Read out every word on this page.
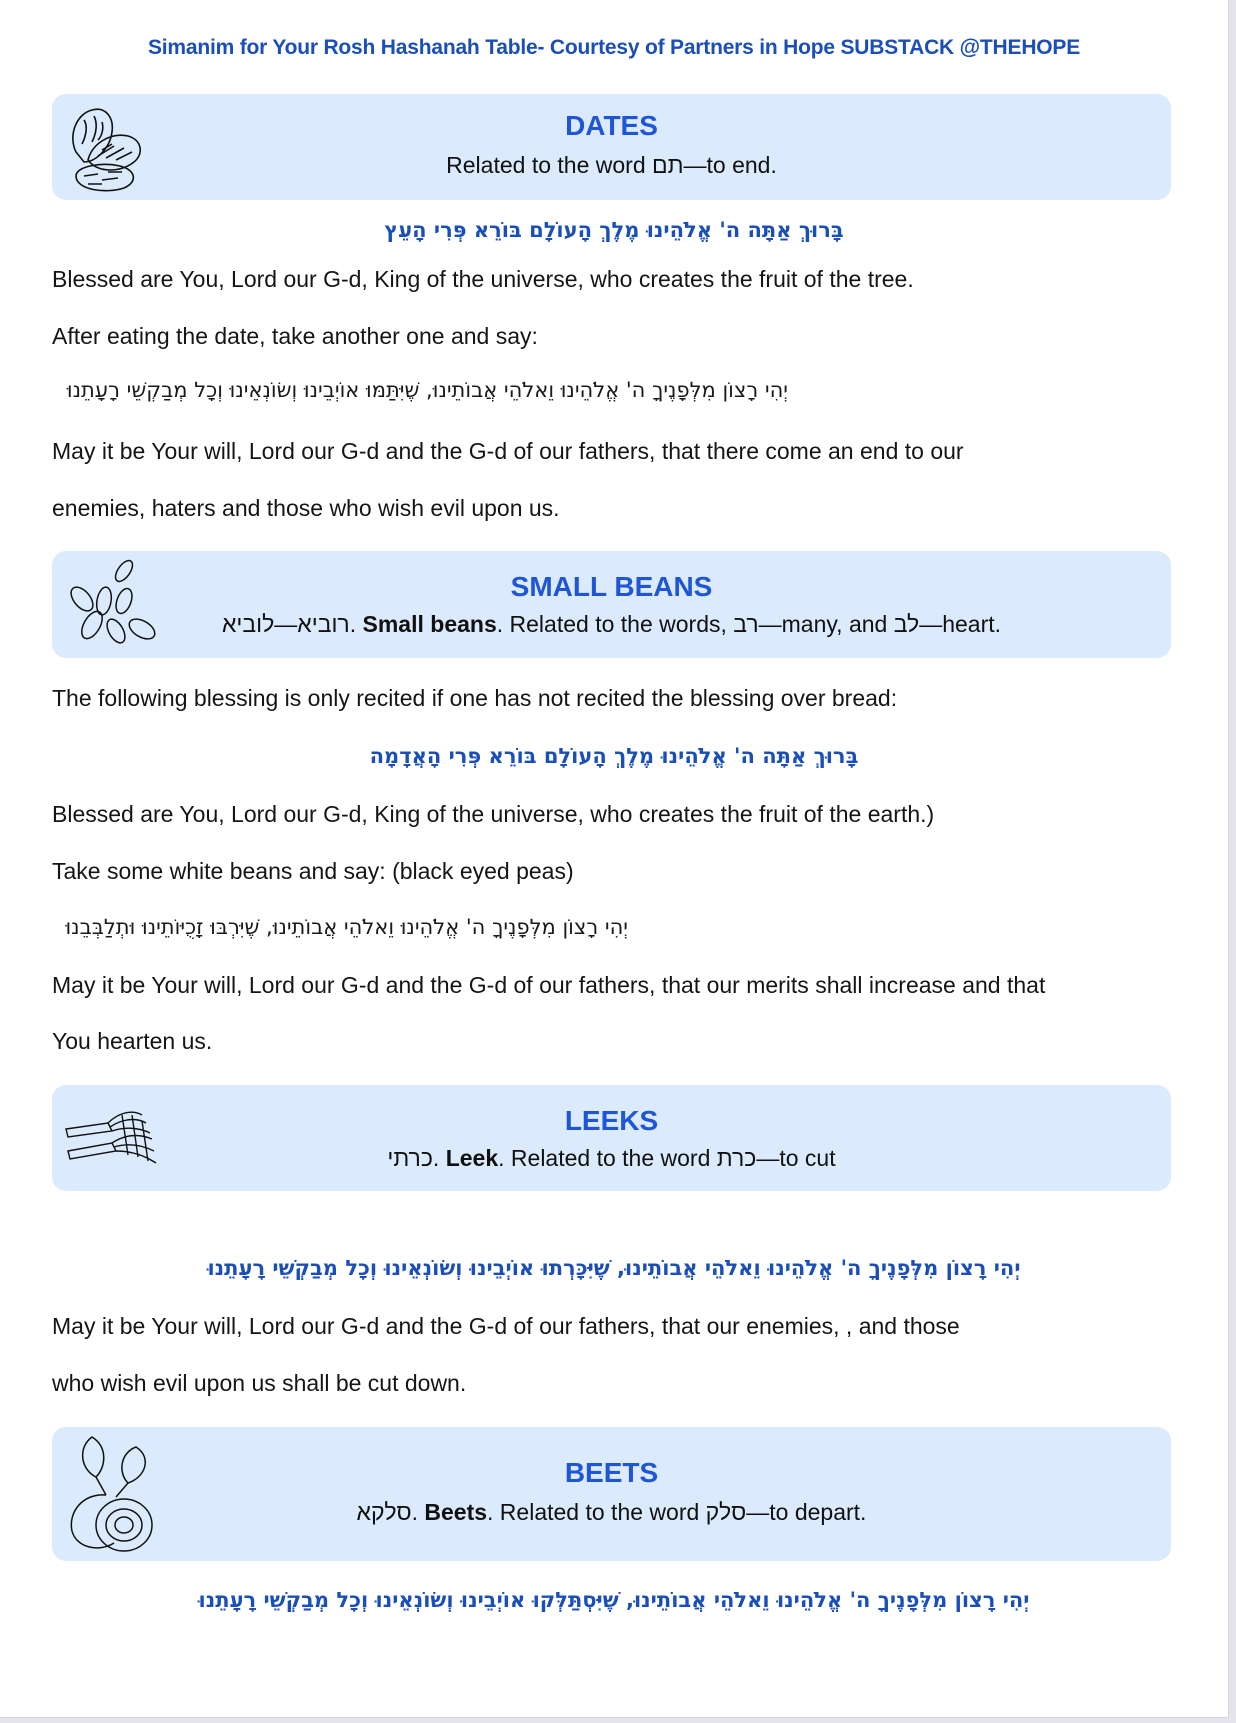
Simanim for Your Rosh Hashanah Table- Courtesy of Partners in Hope SUBSTACK @THEHOPE
DATES
Related to the word תם—to end.
בָּרוּךְ אַתָּה ה' אֱלֹהֵינוּ מֶלֶךְ הָעוֹלָם בּוֹרֵא פְּרִי הָעֵץ
Blessed are You, Lord our G-d, King of the universe, who creates the fruit of the tree.
After eating the date, take another one and say:
יְהִי רָצוֹן מִלְּפָנֶיךָ ה' אֱלֹהֵינוּ וֵאלֹהֵי אֲבוֹתֵינוּ, שֶׁיִּתַּמּוּ אוֹיְבֵינוּ וְשׂוֹנְאֵינוּ וְכָל מְבַקְשֵׁי רָעָתֵנוּ
May it be Your will, Lord our G-d and the G-d of our fathers, that there come an end to our
enemies, haters and those who wish evil upon us.
SMALL BEANS
רוביא—לוביא. Small beans. Related to the words, רב—many, and לב—heart.
The following blessing is only recited if one has not recited the blessing over bread:
בָּרוּךְ אַתָּה ה' אֱלֹהֵינוּ מֶלֶךְ הָעוֹלָם בּוֹרֵא פְּרִי הָאֲדָמָה
Blessed are You, Lord our G-d, King of the universe, who creates the fruit of the earth.)
Take some white beans and say: (black eyed peas)
יְהִי רָצוֹן מִלְּפָנֶיךָ ה' אֱלֹהֵינוּ וֵאלֹהֵי אֲבוֹתֵינוּ, שֶׁיִּרְבּוּ זָכֻיּוֹתֵינוּ וּתְלַבְּבֵנוּ
May it be Your will, Lord our G-d and the G-d of our fathers, that our merits shall increase and that
You hearten us.
LEEKS
כרתי. Leek. Related to the word כרת—to cut
יְהִי רָצוֹן מִלְּפָנֶיךָ ה' אֱלֹהֵינוּ וֵאלֹהֵי אֲבוֹתֵינוּ, שֶׁיִּכָּרְתוּ אוֹיְבֵינוּ וְשׂוֹנְאֵינוּ וְכָל מְבַקְשֵׁי רָעָתֵנוּ
May it be Your will, Lord our G-d and the G-d of our fathers, that our enemies, , and those
who wish evil upon us shall be cut down.
BEETS
סלקא. Beets. Related to the word סלק—to depart.
יְהִי רָצוֹן מִלְּפָנֶיךָ ה' אֱלֹהֵינוּ וֵאלֹהֵי אֲבוֹתֵינוּ, שֶׁיִּסְתַּלְּקוּ אוֹיְבֵינוּ וְשׂוֹנְאֵינוּ וְכָל מְבַקְשֵׁי רָעָתֵנוּ
